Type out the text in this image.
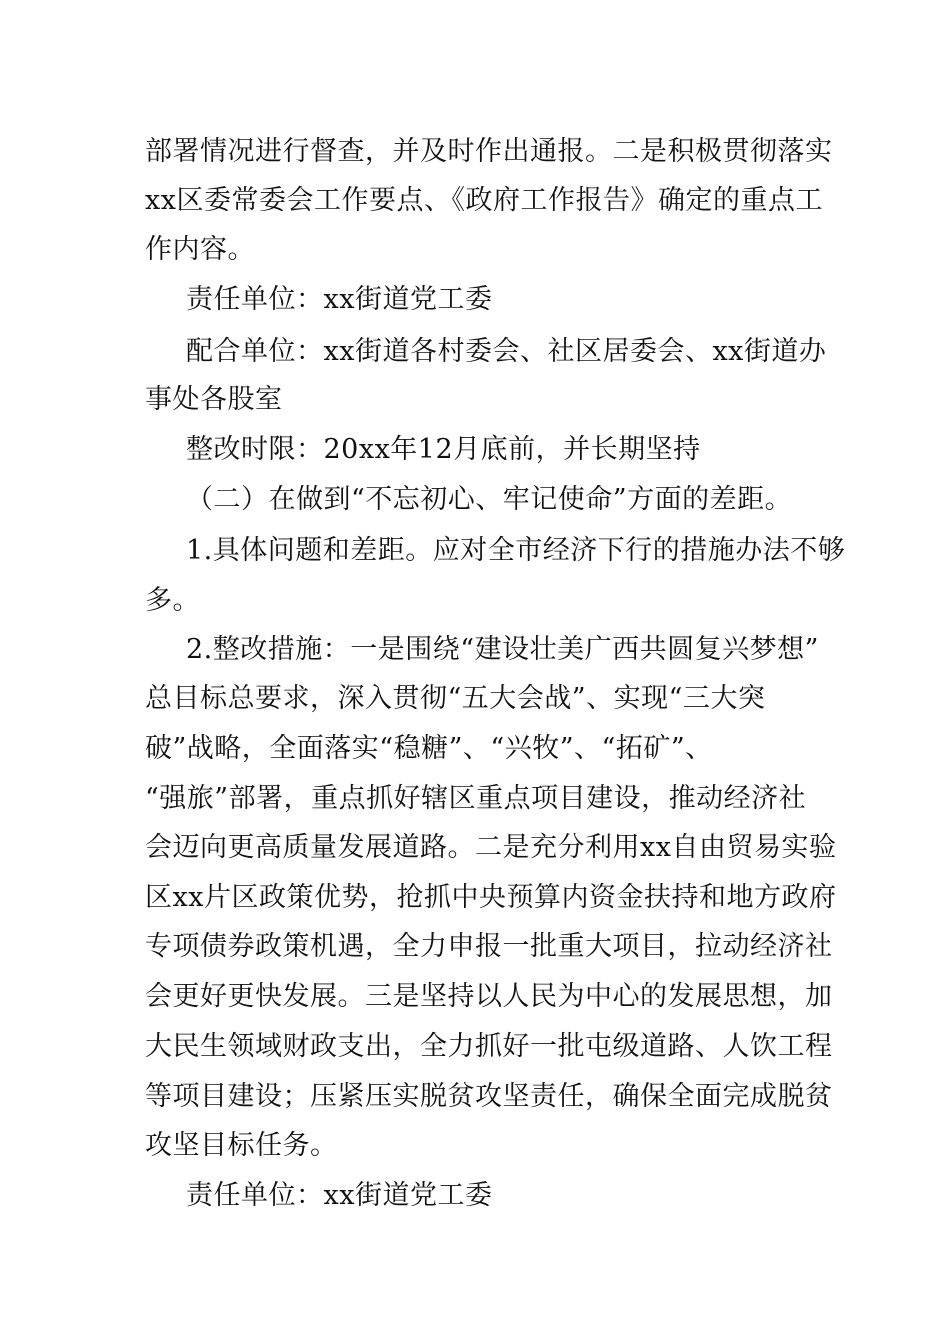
部署情况进行督查，并及时作出通报。二是积极贯彻落实
xx区委常委会工作要点、《政府工作报告》确定的重点工
作内容。
责任单位：xx街道党工委
配合单位：xx街道各村委会、社区居委会、xx街道办
事处各股室
整改时限：20xx年12月底前，并长期坚持
（二）在做到“不忘初心、牢记使命”方面的差距。
1.具体问题和差距。应对全市经济下行的措施办法不够
多。
2.整改措施：一是围绕“建设壮美广西共圆复兴梦想”
总目标总要求，深入贯彻“五大会战”、实现“三大突
破”战略，全面落实“稳糖”、“兴牧”、“拓矿”、
“强旅”部署，重点抓好辖区重点项目建设，推动经济社
会迈向更高质量发展道路。二是充分利用xx自由贸易实验
区xx片区政策优势，抢抓中央预算内资金扶持和地方政府
专项债券政策机遇，全力申报一批重大项目，拉动经济社
会更好更快发展。三是坚持以人民为中心的发展思想，加
大民生领域财政支出，全力抓好一批屯级道路、人饮工程
等项目建设；压紧压实脱贫攻坚责任，确保全面完成脱贫
攻坚目标任务。
责任单位：xx街道党工委
